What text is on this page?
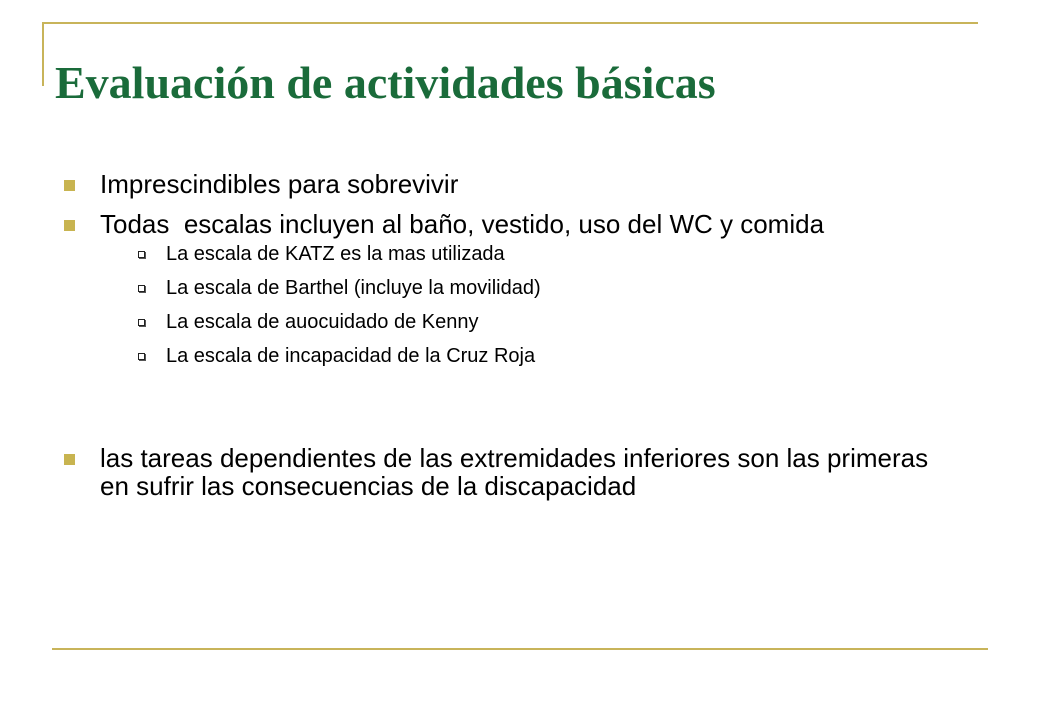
Evaluación de actividades básicas
Imprescindibles para sobrevivir
Todas  escalas incluyen al baño, vestido, uso del WC y comida
La escala de KATZ es la mas utilizada
La escala de Barthel (incluye la movilidad)
La escala de auocuidado de Kenny
La escala de incapacidad de la Cruz Roja
las tareas dependientes de las extremidades inferiores son las primeras en sufrir las consecuencias de la discapacidad
